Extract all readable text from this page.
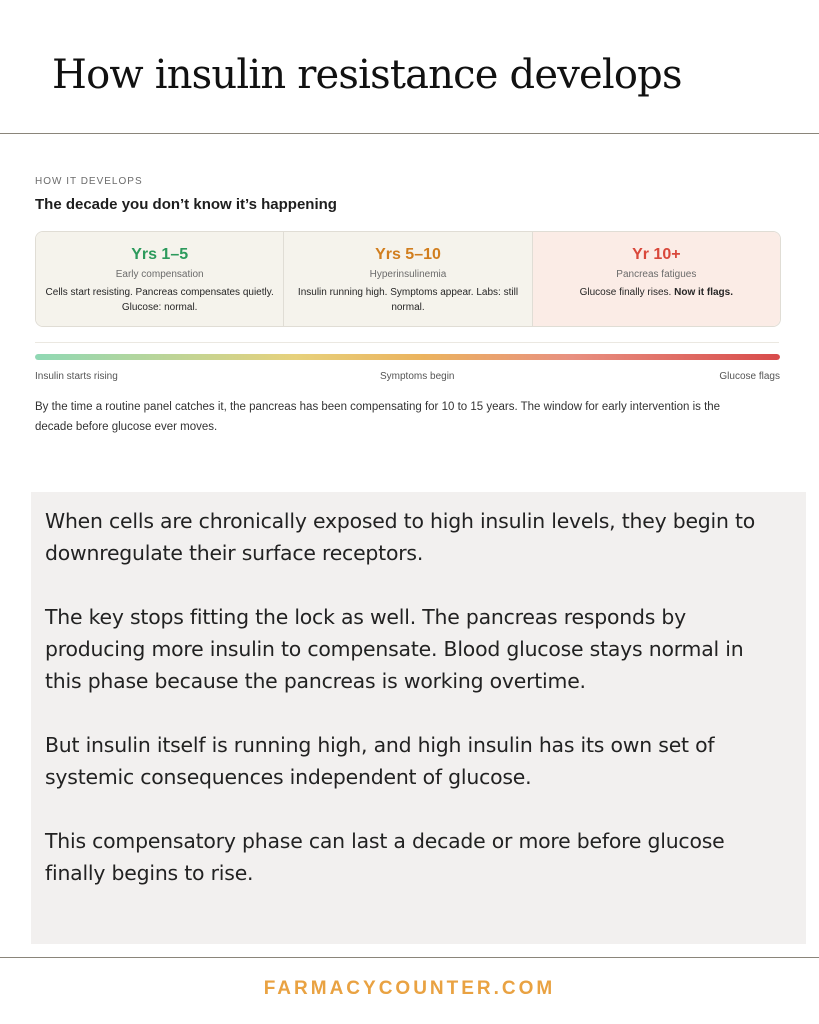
How insulin resistance develops
HOW IT DEVELOPS
The decade you don’t know it’s happening
Yrs 1–5
Early compensation
Cells start resisting. Pancreas compensates quietly. Glucose: normal.
Yrs 5–10
Hyperinsulinemia
Insulin running high. Symptoms appear. Labs: still normal.
Yr 10+
Pancreas fatigues
Glucose finally rises. Now it flags.
Insulin starts rising	Symptoms begin	Glucose flags
By the time a routine panel catches it, the pancreas has been compensating for 10 to 15 years. The window for early intervention is the decade before glucose ever moves.

When cells are chronically exposed to high insulin levels, they begin to downregulate their surface receptors.

The key stops fitting the lock as well. The pancreas responds by producing more insulin to compensate. Blood glucose stays normal in this phase because the pancreas is working overtime.

But insulin itself is running high, and high insulin has its own set of systemic consequences independent of glucose.

This compensatory phase can last a decade or more before glucose finally begins to rise.

FARMACYCOUNTER.COM
